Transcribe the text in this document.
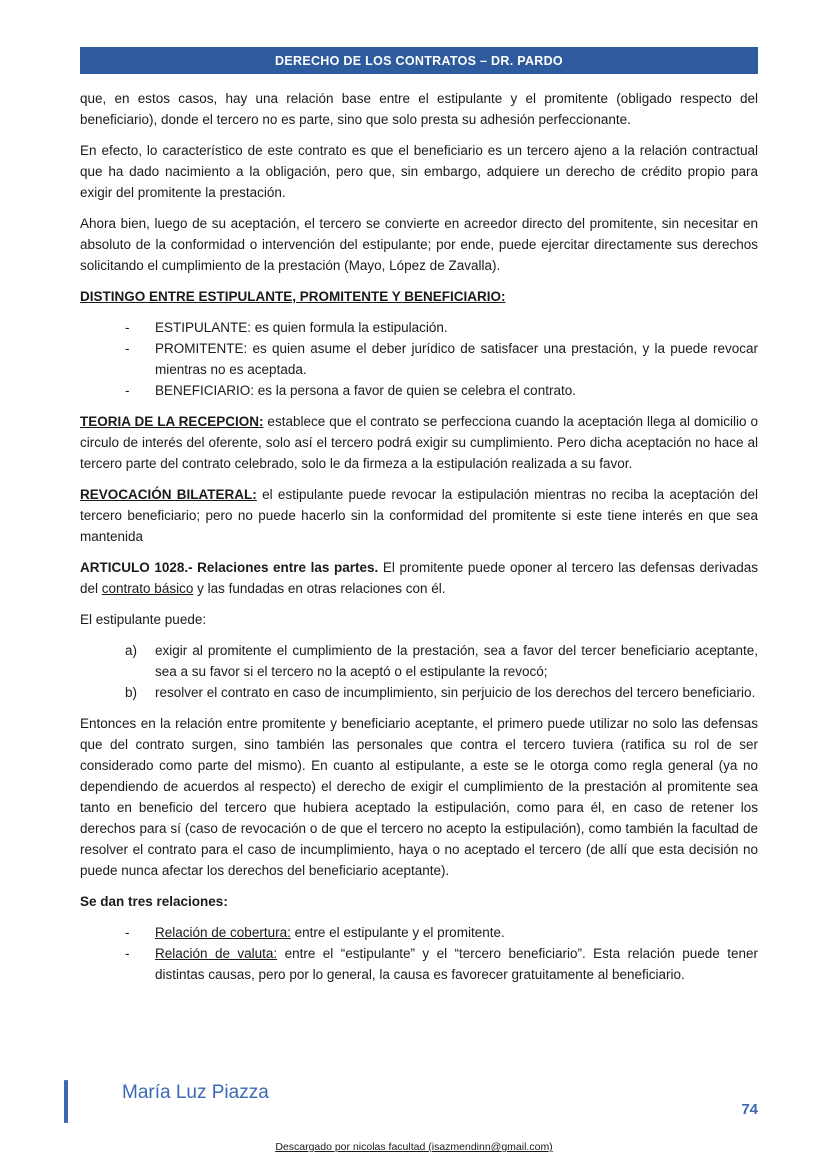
DERECHO DE LOS CONTRATOS – DR. PARDO

que, en estos casos, hay una relación base entre el estipulante y el promitente (obligado respecto del beneficiario), donde el tercero no es parte, sino que solo presta su adhesión perfeccionante.

En efecto, lo característico de este contrato es que el beneficiario es un tercero ajeno a la relación contractual que ha dado nacimiento a la obligación, pero que, sin embargo, adquiere un derecho de crédito propio para exigir del promitente la prestación.

Ahora bien, luego de su aceptación, el tercero se convierte en acreedor directo del promitente, sin necesitar en absoluto de la conformidad o intervención del estipulante; por ende, puede ejercitar directamente sus derechos solicitando el cumplimiento de la prestación (Mayo, López de Zavalla).

DISTINGO ENTRE ESTIPULANTE, PROMITENTE Y BENEFICIARIO:

-	ESTIPULANTE: es quien formula la estipulación.
-	PROMITENTE: es quien asume el deber jurídico de satisfacer una prestación, y la puede revocar mientras no es aceptada.
-	BENEFICIARIO: es la persona a favor de quien se celebra el contrato.

TEORIA DE LA RECEPCION: establece que el contrato se perfecciona cuando la aceptación llega al domicilio o circulo de interés del oferente, solo así el tercero podrá exigir su cumplimiento. Pero dicha aceptación no hace al tercero parte del contrato celebrado, solo le da firmeza a la estipulación realizada a su favor.

REVOCACIÓN BILATERAL: el estipulante puede revocar la estipulación mientras no reciba la aceptación del tercero beneficiario; pero no puede hacerlo sin la conformidad del promitente si este tiene interés en que sea mantenida

ARTICULO 1028.- Relaciones entre las partes. El promitente puede oponer al tercero las defensas derivadas del contrato básico y las fundadas en otras relaciones con él.

El estipulante puede:

a)	exigir al promitente el cumplimiento de la prestación, sea a favor del tercer beneficiario aceptante, sea a su favor si el tercero no la aceptó o el estipulante la revocó;
b)	resolver el contrato en caso de incumplimiento, sin perjuicio de los derechos del tercero beneficiario.

Entonces en la relación entre promitente y beneficiario aceptante, el primero puede utilizar no solo las defensas que del contrato surgen, sino también las personales que contra el tercero tuviera (ratifica su rol de ser considerado como parte del mismo). En cuanto al estipulante, a este se le otorga como regla general (ya no dependiendo de acuerdos al respecto) el derecho de exigir el cumplimiento de la prestación al promitente sea tanto en beneficio del tercero que hubiera aceptado la estipulación, como para él, en caso de retener los derechos para sí (caso de revocación o de que el tercero no acepto la estipulación), como también la facultad de resolver el contrato para el caso de incumplimiento, haya o no aceptado el tercero (de allí que esta decisión no puede nunca afectar los derechos del beneficiario aceptante).

Se dan tres relaciones:

-	Relación de cobertura: entre el estipulante y el promitente.
-	Relación de valuta: entre el “estipulante” y el “tercero beneficiario”. Esta relación puede tener distintas causas, pero por lo general, la causa es favorecer gratuitamente al beneficiario.
María Luz Piazza
74
Descargado por nicolas facultad (isazmendinn@gmail.com)
